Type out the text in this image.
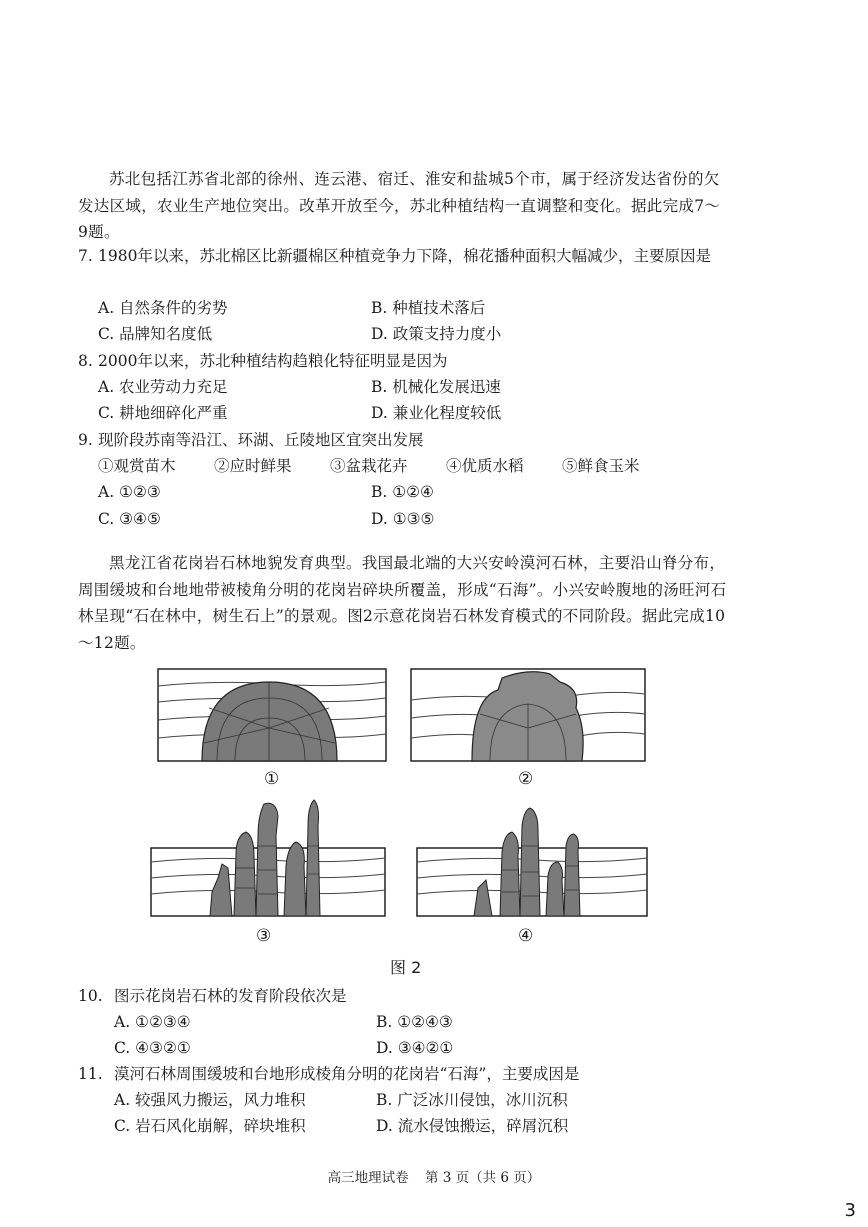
苏北包括江苏省北部的徐州、连云港、宿迁、淮安和盐城5个市，属于经济发达省份的欠发达区域，农业生产地位突出。改革开放至今，苏北种植结构一直调整和变化。据此完成7～9题。
7. 1980年以来，苏北棉区比新疆棉区种植竞争力下降，棉花播种面积大幅减少，主要原因是
A. 自然条件的劣势	B. 种植技术落后
C. 品牌知名度低	D. 政策支持力度小
8. 2000年以来，苏北种植结构趋粮化特征明显是因为
A. 农业劳动力充足	B. 机械化发展迅速
C. 耕地细碎化严重	D. 兼业化程度较低
9. 现阶段苏南等沿江、环湖、丘陵地区宜突出发展
①观赏苗木 ②应时鲜果 ③盆栽花卉 ④优质水稻 ⑤鲜食玉米
A. ①②③	B. ①②④
C. ③④⑤	D. ①③⑤
黑龙江省花岗岩石林地貌发育典型。我国最北端的大兴安岭漠河石林，主要沿山脊分布，周围缓坡和台地地带被棱角分明的花岗岩碎块所覆盖，形成“石海”。小兴安岭腹地的汤旺河石林呈现“石在林中，树生石上”的景观。图2示意花岗岩石林发育模式的不同阶段。据此完成10～12题。
①	②
③	④
图 2
10. 图示花岗岩石林的发育阶段依次是
A. ①②③④	B. ①②④③
C. ④③②①	D. ③④②①
11. 漠河石林周围缓坡和台地形成棱角分明的花岗岩“石海”，主要成因是
A. 较强风力搬运，风力堆积	B. 广泛冰川侵蚀，冰川沉积
C. 岩石风化崩解，碎块堆积	D. 流水侵蚀搬运，碎屑沉积
高三地理试卷 第 3 页（共 6 页）
3
